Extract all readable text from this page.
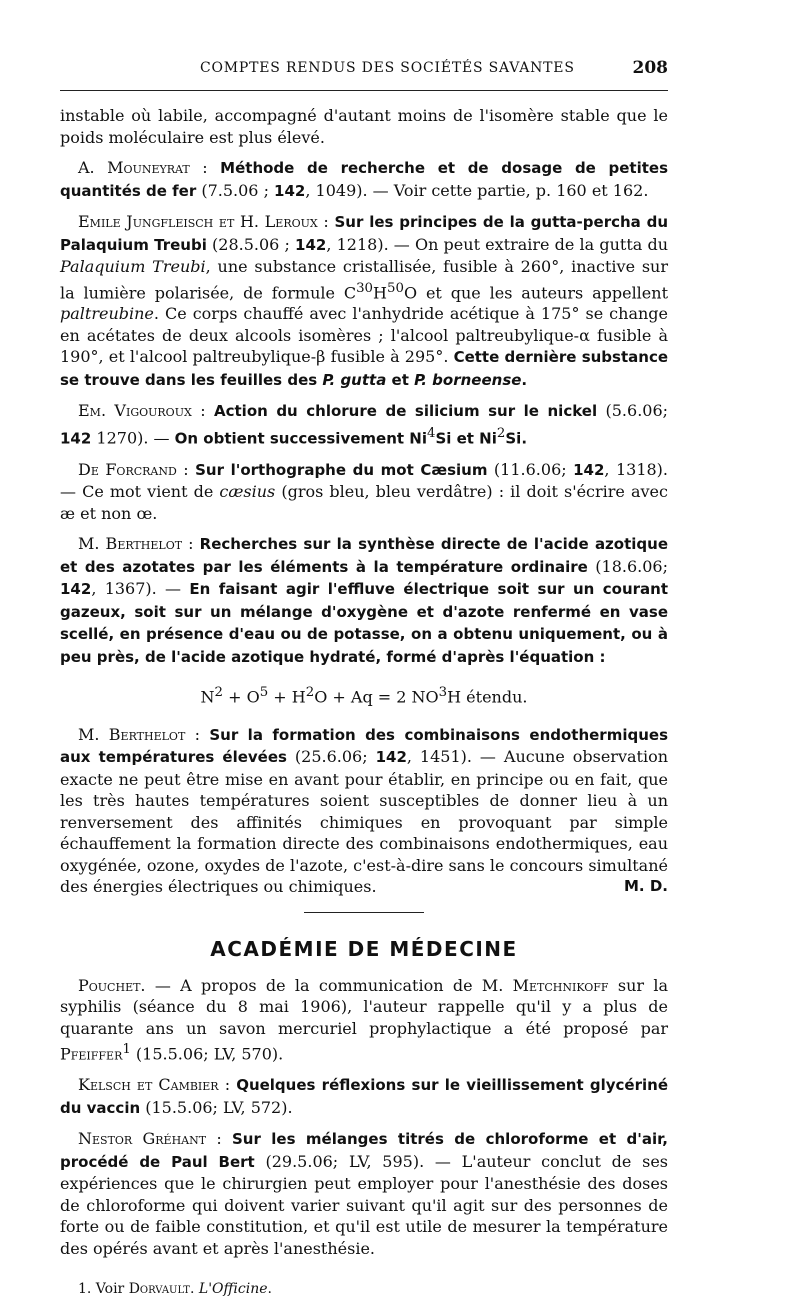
COMPTES RENDUS DES SOCIÉTÉS SAVANTES	208

instable où labile, accompagné d'autant moins de l'isomère stable que le poids moléculaire est plus élevé.

A. Mounеyrat : Méthode de recherche et de dosage de petites quantités de fer (7.5.06 ; 142, 1049). — Voir cette partie, p. 160 et 162.

Emile Jungfleisch et H. Leroux : Sur les principes de la gutta-percha du Palaquium Treubi (28.5.06 ; 142, 1218). — On peut extraire de la gutta du Palaquium Treubi, une substance cristallisée, fusible à 260°, inactive sur la lumière polarisée, de formule $C^{30}H^{50}O$ et que les auteurs appellent paltreubine. Ce corps chauffé avec l'anhydride acétique à 175° se change en acétates de deux alcools isomères ; l'alcool paltreubylique-α fusible à 190°, et l'alcool paltreubylique-β fusible à 295°. Cette dernière substance se trouve dans les feuilles des P. gutta et P. borneense.

Em. Vigouroux : Action du chlorure de silicium sur le nickel (5.6.06; 142 1270). — On obtient successivement Ni$^4$Si et Ni$^2$Si.

De Forcrand : Sur l'orthographe du mot Cæsium (11.6.06; 142, 1318). — Ce mot vient de cæsius (gros bleu, bleu verdâtre) : il doit s'écrire avec æ et non œ.

M. Berthelot : Recherches sur la synthèse directe de l'acide azotique et des azotates par les éléments à la température ordinaire (18.6.06; 142, 1367). — En faisant agir l'effluve électrique soit sur un courant gazeux, soit sur un mélange d'oxygène et d'azote renfermé en vase scellé, en présence d'eau ou de potasse, on a obtenu uniquement, ou à peu près, de l'acide azotique hydraté, formé d'après l'équation :

$N^2 + O^5 + H^2O + Aq = 2$ $NO^3H$ étendu.

M. Berthelot : Sur la formation des combinaisons endothermiques aux températures élevées (25.6.06; 142, 1451). — Aucune observation exacte ne peut être mise en avant pour établir, en principe ou en fait, que les très hautes températures soient susceptibles de donner lieu à un renversement des affinités chimiques en provoquant par simple échauffement la formation directe des combinaisons endothermiques, eau oxygénée, ozone, oxydes de l'azote, c'est-à-dire sans le concours simultané des énergies électriques ou chimiques.	M. D.

ACADÉMIE DE MÉDECINE

Pouchet. — A propos de la communication de M. Metchnikoff sur la syphilis (séance du 8 mai 1906), l'auteur rappelle qu'il y a plus de quarante ans un savon mercuriel prophylactique a été proposé par Pfeiffer$^1$ (15.5.06; LV, 570).

Kelsch et Cambier : Quelques réflexions sur le vieillissement glycériné du vaccin (15.5.06; LV, 572).

Nestor Gréhant : Sur les mélanges titrés de chloroforme et d'air, procédé de Paul Bert (29.5.06; LV, 595). — L'auteur conclut de ses expériences que le chirurgien peut employer pour l'anesthésie des doses de chloroforme qui doivent varier suivant qu'il agit sur des personnes de forte ou de faible constitution, et qu'il est utile de mesurer la température des opérés avant et après l'anesthésie.

1. Voir Dorvault. L'Officine.
